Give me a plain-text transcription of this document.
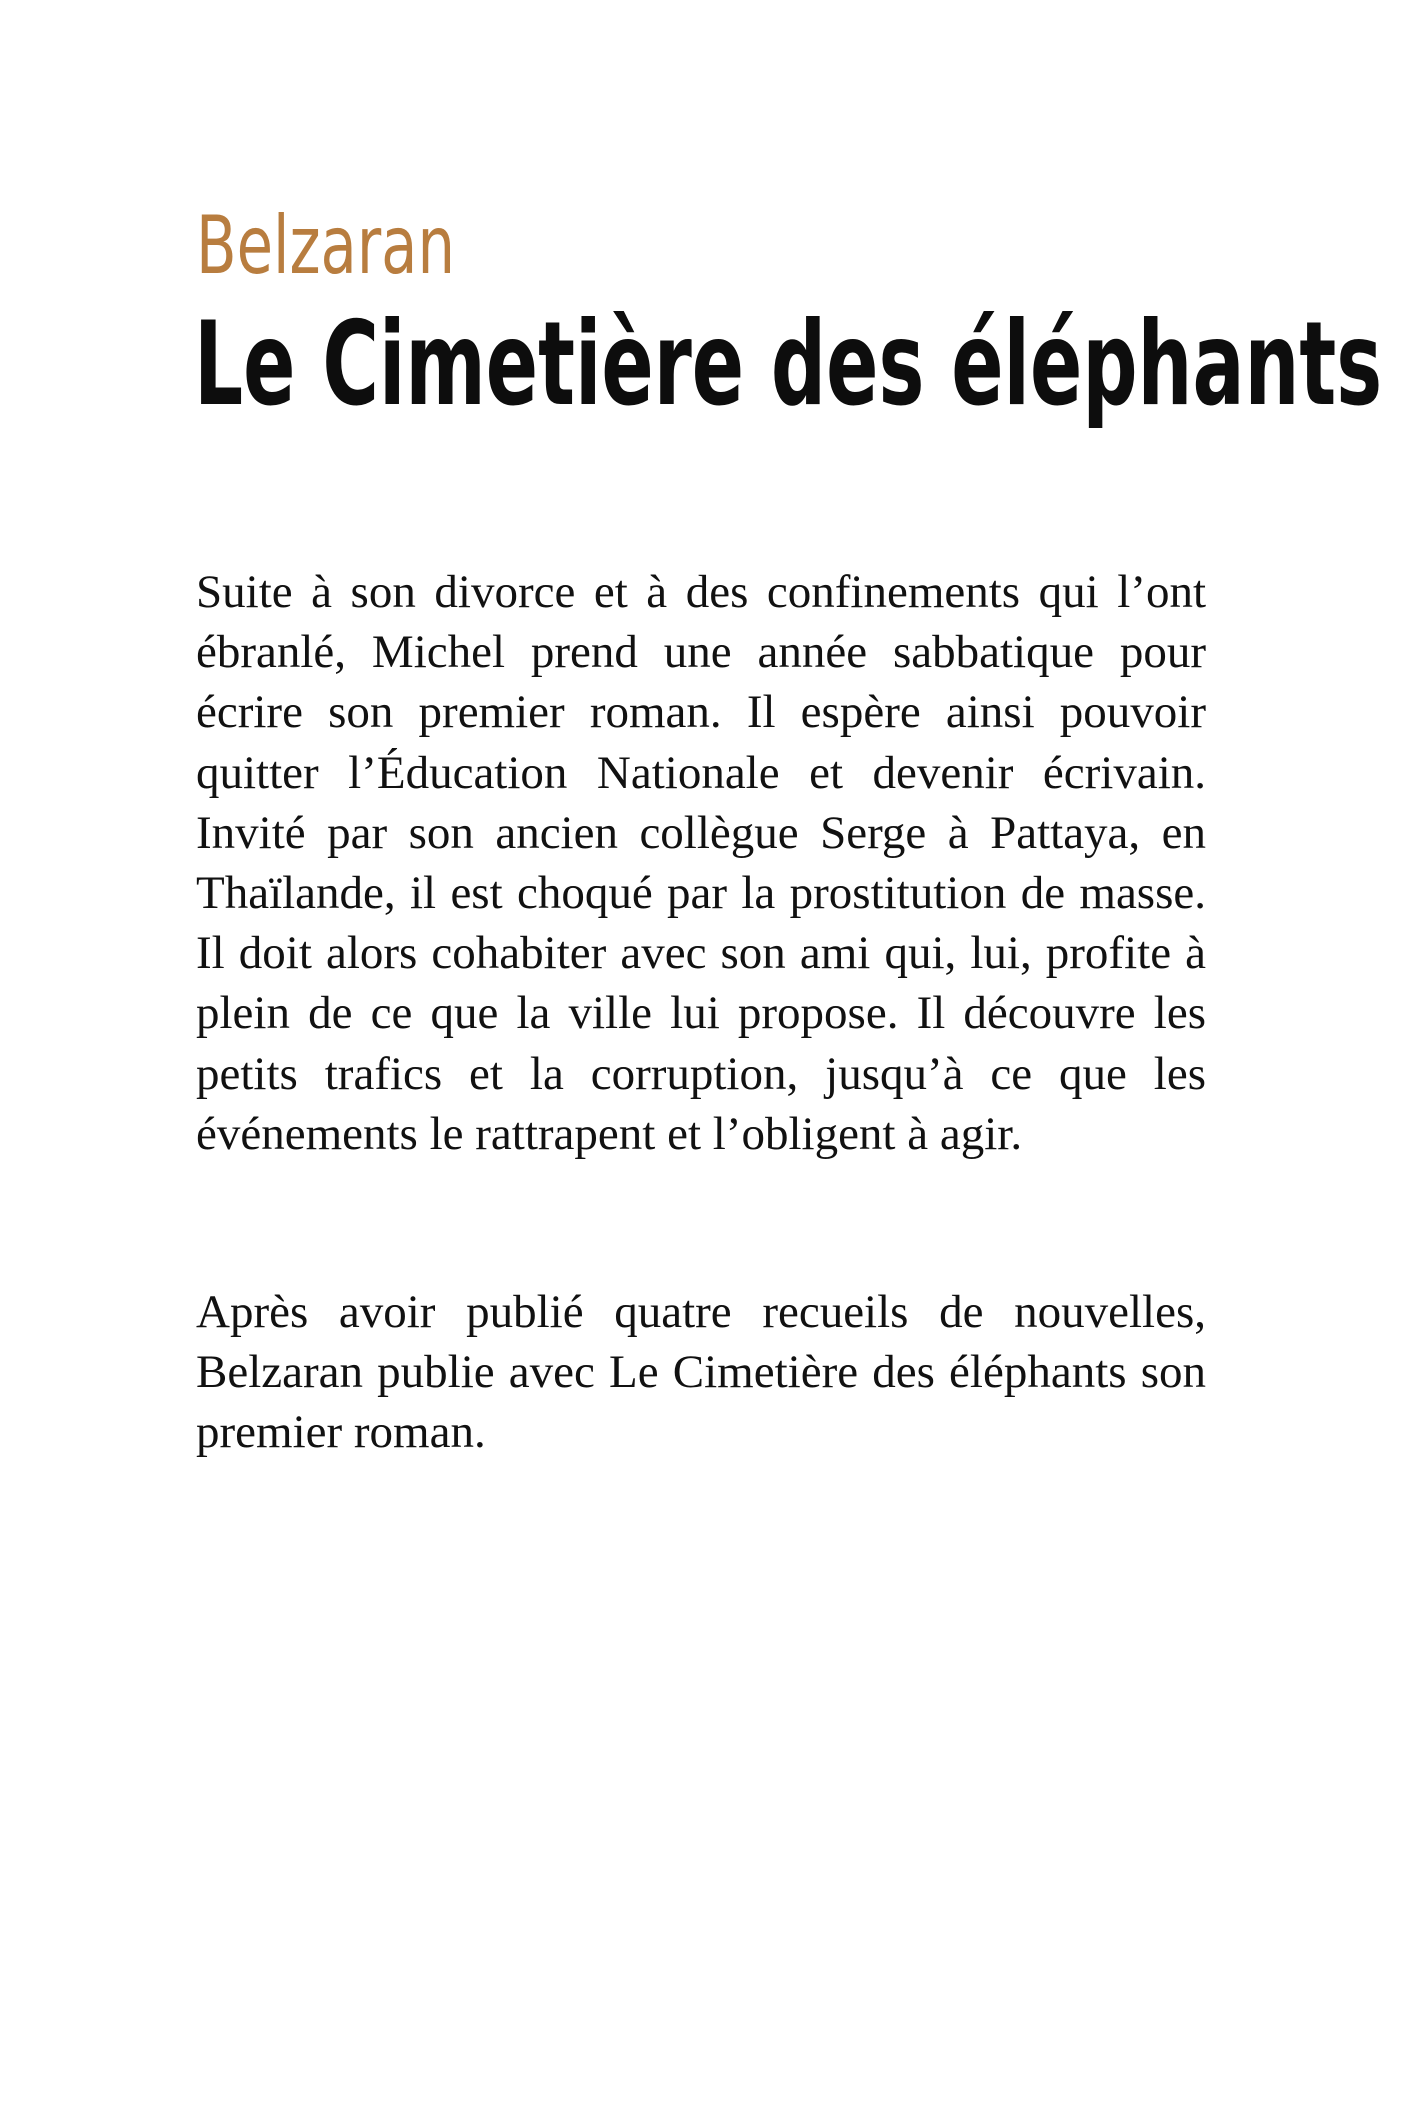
Belzaran
Le Cimetière des éléphants

Suite à son divorce et à des confinements qui l’ont ébranlé, Michel prend une année sabbatique pour écrire son premier roman. Il espère ainsi pouvoir quitter l’Éducation Nationale et devenir écrivain. Invité par son ancien collègue Serge à Pattaya, en Thaïlande, il est choqué par la prostitution de masse. Il doit alors cohabiter avec son ami qui, lui, profite à plein de ce que la ville lui propose. Il découvre les petits trafics et la corruption, jusqu’à ce que les événements le rattrapent et l’obligent à agir.

Après avoir publié quatre recueils de nouvelles, Belzaran publie avec Le Cimetière des éléphants son premier roman.
